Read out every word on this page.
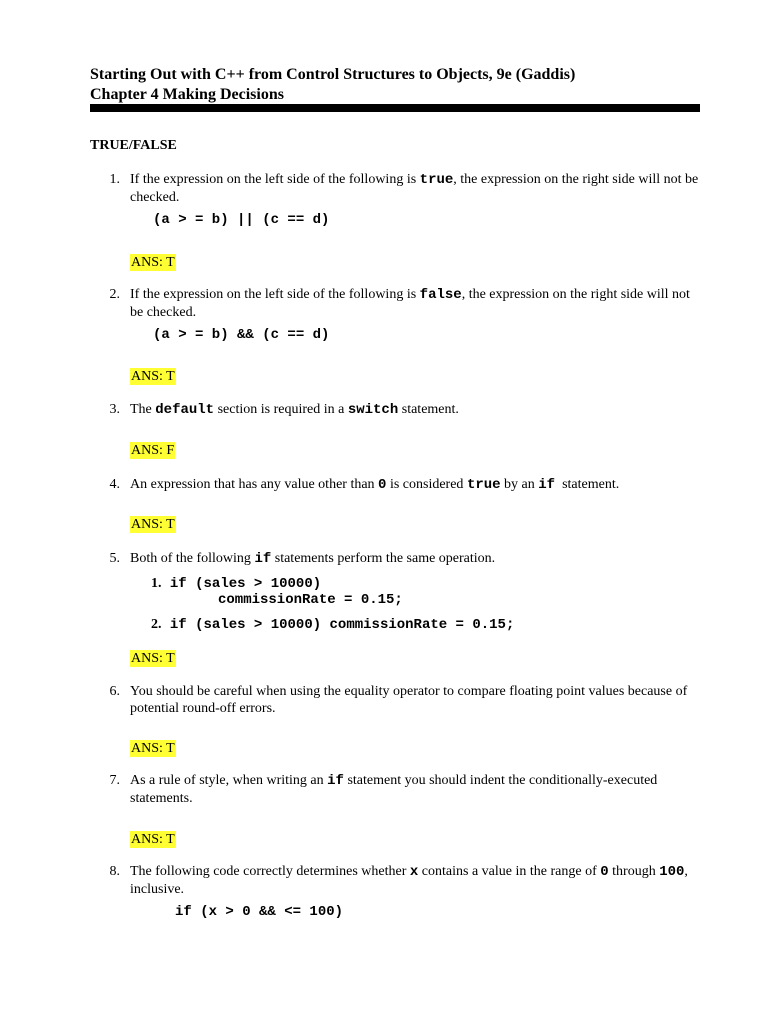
Starting Out with C++ from Control Structures to Objects, 9e (Gaddis)
Chapter 4 Making Decisions
TRUE/FALSE
1. If the expression on the left side of the following is true, the expression on the right side will not be checked.
(a > = b) || (c == d)
ANS: T
2. If the expression on the left side of the following is false, the expression on the right side will not be checked.
(a > = b) && (c == d)
ANS: T
3. The default section is required in a switch statement.
ANS: F
4. An expression that has any value other than 0 is considered true by an if  statement.
ANS: T
5. Both of the following if statements perform the same operation.
1. if (sales > 10000)
commissionRate = 0.15;
2. if (sales > 10000) commissionRate = 0.15;
ANS: T
6. You should be careful when using the equality operator to compare floating point values because of potential round-off errors.
ANS: T
7. As a rule of style, when writing an if statement you should indent the conditionally-executed statements.
ANS: T
8. The following code correctly determines whether x contains a value in the range of 0 through 100, inclusive.
if (x > 0 && <= 100)
